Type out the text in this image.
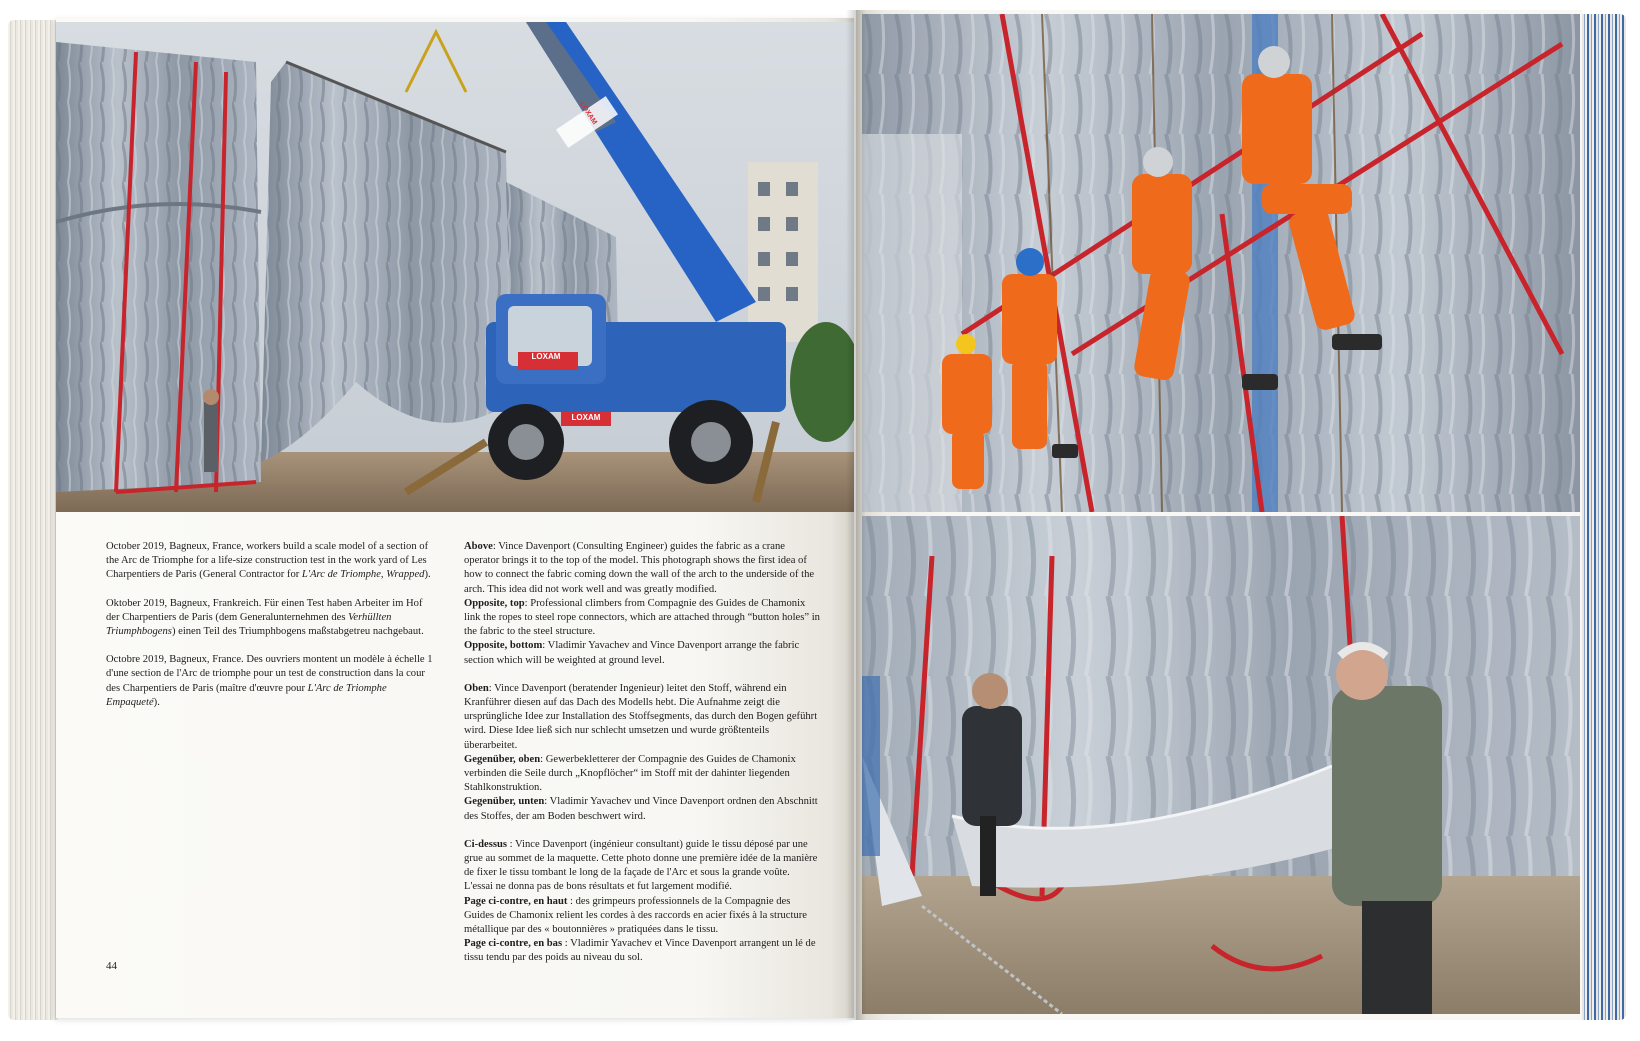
LOXAM
LOXAM
LOXAM

October 2019, Bagneux, France, workers build a scale model of a section of the Arc de Triomphe for a life-size construction test in the work yard of Les Charpentiers de Paris (General Contractor for L'Arc de Triomphe, Wrapped).

Oktober 2019, Bagneux, Frankreich. Für einen Test haben Arbeiter im Hof der Charpentiers de Paris (dem Generalunternehmen des Verhüllten Triumphbogens) einen Teil des Triumphbogens maßstabgetreu nachgebaut.

Octobre 2019, Bagneux, France. Des ouvriers montent un modèle à échelle 1 d'une section de l'Arc de triomphe pour un test de construction dans la cour des Charpentiers de Paris (maître d'œuvre pour L'Arc de Triomphe Empaqueté).

Above: Vince Davenport (Consulting Engineer) guides the fabric as a crane operator brings it to the top of the model. This photograph shows the first idea of how to connect the fabric coming down the wall of the arch to the underside of the arch. This idea did not work well and was greatly modified.
Opposite, top: Professional climbers from Compagnie des Guides de Chamonix link the ropes to steel rope connectors, which are attached through “button holes” in the fabric to the steel structure.
Opposite, bottom: Vladimir Yavachev and Vince Davenport arrange the fabric section which will be weighted at ground level.
Oben: Vince Davenport (beratender Ingenieur) leitet den Stoff, während ein Kranführer diesen auf das Dach des Modells hebt. Die Aufnahme zeigt die ursprüngliche Idee zur Installation des Stoffsegments, das durch den Bogen geführt wird. Diese Idee ließ sich nur schlecht umsetzen und wurde größtenteils überarbeitet.
Gegenüber, oben: Gewerbekletterer der Compagnie des Guides de Chamonix verbinden die Seile durch „Knopflöcher“ im Stoff mit der dahinter liegenden Stahlkonstruktion.
Gegenüber, unten: Vladimir Yavachev und Vince Davenport ordnen den Abschnitt des Stoffes, der am Boden beschwert wird.
Ci-dessus : Vince Davenport (ingénieur consultant) guide le tissu déposé par une grue au sommet de la maquette. Cette photo donne une première idée de la manière de fixer le tissu tombant le long de la façade de l'Arc et sous la grande voûte. L'essai ne donna pas de bons résultats et fut largement modifié.
Page ci-contre, en haut : des grimpeurs professionnels de la Compagnie des Guides de Chamonix relient les cordes à des raccords en acier fixés à la structure métallique par des « boutonnières » pratiquées dans le tissu.
Page ci-contre, en bas : Vladimir Yavachev et Vince Davenport arrangent un lé de tissu tendu par des poids au niveau du sol.
44
